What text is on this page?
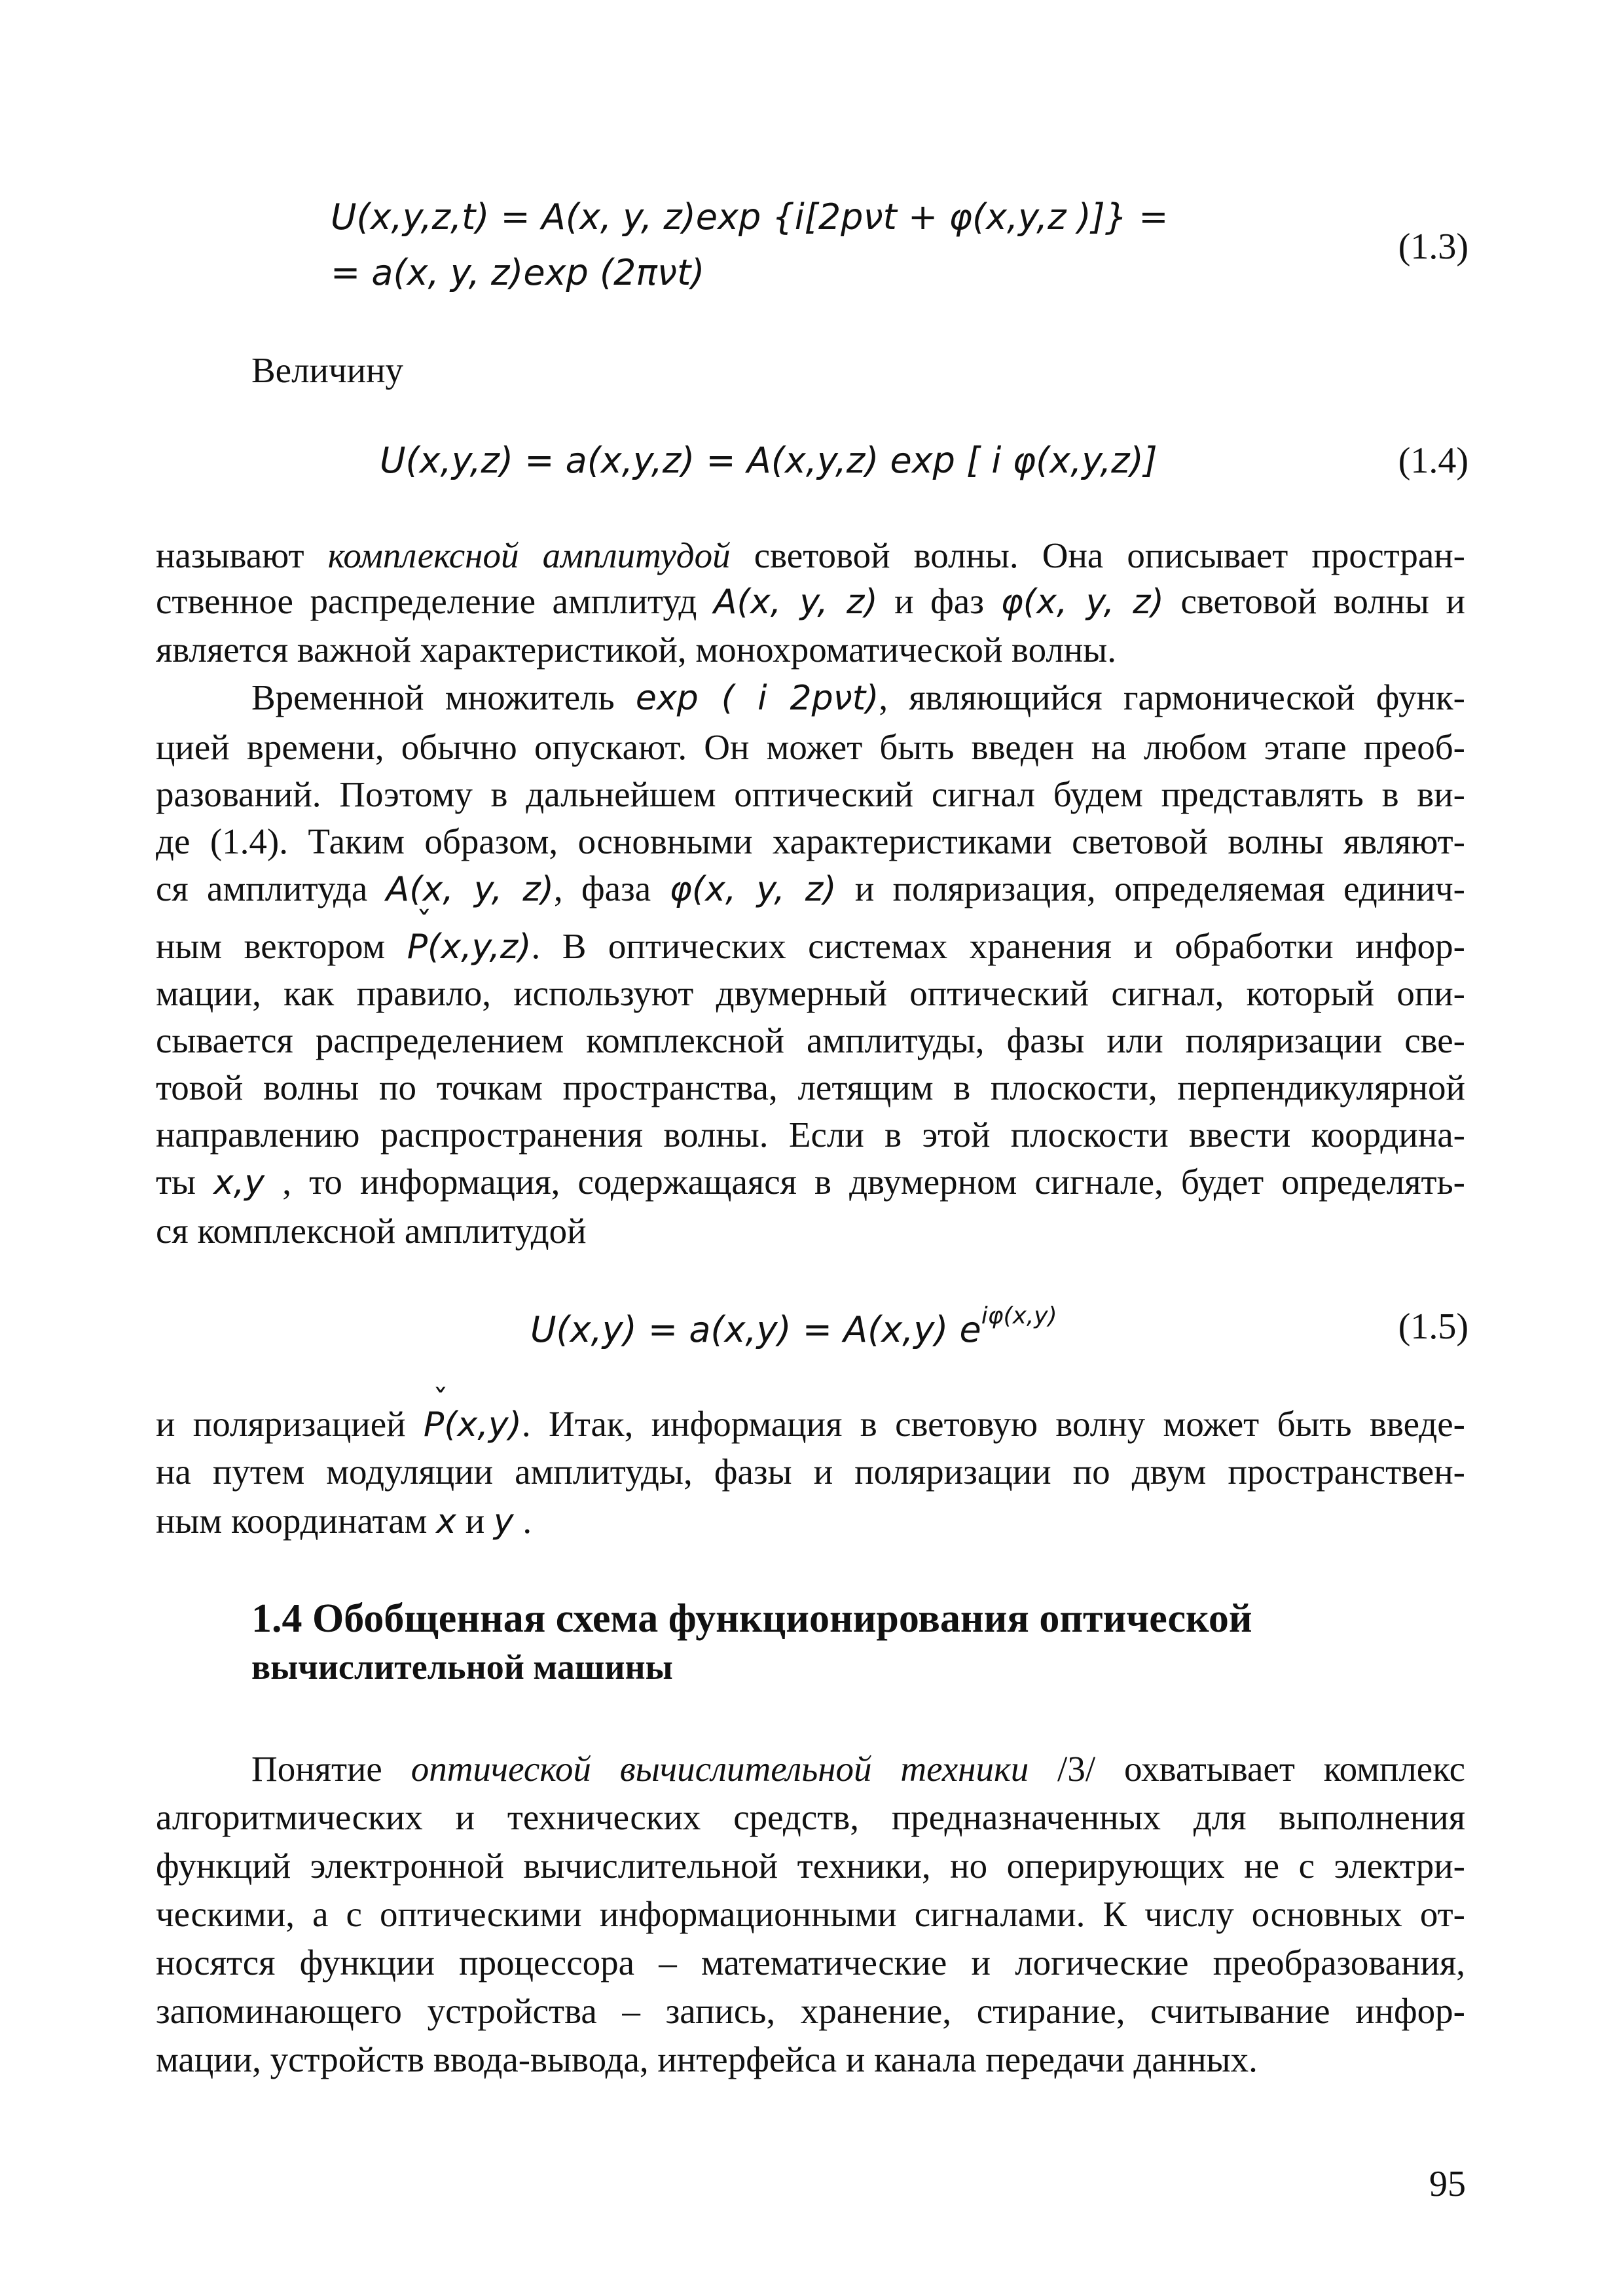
U(x,y,z,t) = A(x, y, z)exp {i[2pνt + φ(x,y,z )]} =
= a(x, y, z)exp (2πνt)
(1.3)
Величину
U(x,y,z) = a(x,y,z) = A(x,y,z) exp [ i φ(x,y,z)]	(1.4)
называют комплексной амплитудой световой волны. Она описывает простран-
ственное распределение амплитуд A(x, y, z) и фаз φ(x, y, z) световой волны и
является важной характеристикой, монохроматической волны.
Временной множитель exp ( i 2pνt), являющийся гармонической функ-
цией времени, обычно опускают. Он может быть введен на любом этапе преоб-
разований. Поэтому в дальнейшем оптический сигнал будем представлять в ви-
де (1.4). Таким образом, основными характеристиками световой волны являют-
ся амплитуда A(x, y, z), фаза φ(x, y, z) и поляризация, определяемая единич-
ным вектором ˇ P(x,y,z). В оптических системах хранения и обработки инфор-
мации, как правило, используют двумерный оптический сигнал, который опи-
сывается распределением комплексной амплитуды, фазы или поляризации све-
товой волны по точкам пространства, летящим в плоскости, перпендикулярной
направлению распространения волны. Если в этой плоскости ввести координа-
ты x,y , то информация, содержащаяся в двумерном сигнале, будет определять-
ся комплексной амплитудой
U(x,y) = a(x,y) = A(x,y) $e^{i\varphi(x,y)}$	(1.5)
и поляризацией ˇ P(x,y). Итак, информация в световую волну может быть введе-
на путем модуляции амплитуды, фазы и поляризации по двум пространствен-
ным координатам x и y .
1.4 Обобщенная схема функционирования оптической
вычислительной машины
Понятие оптической вычислительной техники /3/ охватывает комплекс
алгоритмических и технических средств, предназначенных для выполнения
функций электронной вычислительной техники, но оперирующих не с электри-
ческими, а с оптическими информационными сигналами. К числу основных от-
носятся функции процессора – математические и логические преобразования,
запоминающего устройства – запись, хранение, стирание, считывание инфор-
мации, устройств ввода-вывода, интерфейса и канала передачи данных.
95
